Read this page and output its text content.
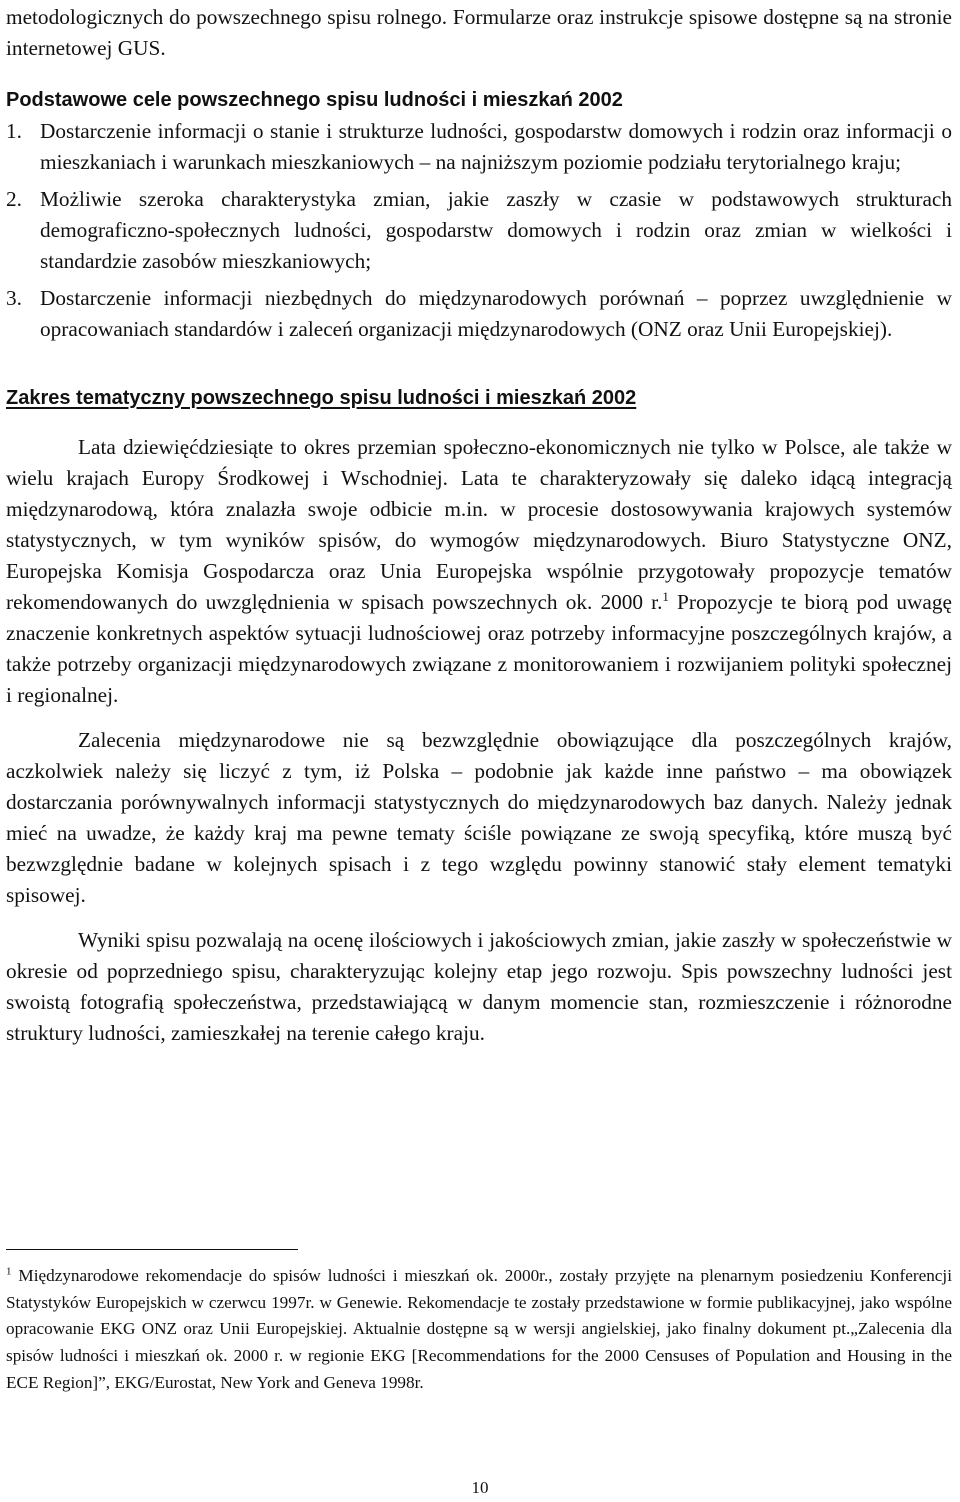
metodologicznych do powszechnego spisu rolnego. Formularze oraz instrukcje spisowe dostępne są na stronie internetowej GUS.

Podstawowe cele powszechnego spisu ludności i mieszkań 2002
1. Dostarczenie informacji o stanie i strukturze ludności, gospodarstw domowych i rodzin oraz informacji o mieszkaniach i warunkach mieszkaniowych – na najniższym poziomie podziału terytorialnego kraju;
2. Możliwie szeroka charakterystyka zmian, jakie zaszły w czasie w podstawowych strukturach demograficzno-społecznych ludności, gospodarstw domowych i rodzin oraz zmian w wielkości i standardzie zasobów mieszkaniowych;
3. Dostarczenie informacji niezbędnych do międzynarodowych porównań – poprzez uwzględnienie w opracowaniach standardów i zaleceń organizacji międzynarodowych (ONZ oraz Unii Europejskiej).
Zakres tematyczny powszechnego spisu ludności i mieszkań 2002

Lata dziewięćdziesiąte to okres przemian społeczno-ekonomicznych nie tylko w Polsce, ale także w wielu krajach Europy Środkowej i Wschodniej. Lata te charakteryzowały się daleko idącą integracją międzynarodową, która znalazła swoje odbicie m.in. w procesie dostosowywania krajowych systemów statystycznych, w tym wyników spisów, do wymogów międzynarodowych. Biuro Statystyczne ONZ, Europejska Komisja Gospodarcza oraz Unia Europejska wspólnie przygotowały propozycje tematów rekomendowanych do uwzględnienia w spisach powszechnych ok. 2000 r.$^1$ Propozycje te biorą pod uwagę znaczenie konkretnych aspektów sytuacji ludnościowej oraz potrzeby informacyjne poszczególnych krajów, a także potrzeby organizacji międzynarodowych związane z monitorowaniem i rozwijaniem polityki społecznej i regionalnej.

Zalecenia międzynarodowe nie są bezwzględnie obowiązujące dla poszczególnych krajów, aczkolwiek należy się liczyć z tym, iż Polska – podobnie jak każde inne państwo – ma obowiązek dostarczania porównywalnych informacji statystycznych do międzynarodowych baz danych. Należy jednak mieć na uwadze, że każdy kraj ma pewne tematy ściśle powiązane ze swoją specyfiką, które muszą być bezwzględnie badane w kolejnych spisach i z tego względu powinny stanowić stały element tematyki spisowej.

Wyniki spisu pozwalają na ocenę ilościowych i jakościowych zmian, jakie zaszły w społeczeństwie w okresie od poprzedniego spisu, charakteryzując kolejny etap jego rozwoju. Spis powszechny ludności jest swoistą fotografią społeczeństwa, przedstawiającą w danym momencie stan, rozmieszczenie i różnorodne struktury ludności, zamieszkałej na terenie całego kraju.

$^1$ Międzynarodowe rekomendacje do spisów ludności i mieszkań ok. 2000r., zostały przyjęte na plenarnym posiedzeniu Konferencji Statystyków Europejskich w czerwcu 1997r. w Genewie. Rekomendacje te zostały przedstawione w formie publikacyjnej, jako wspólne opracowanie EKG ONZ oraz Unii Europejskiej. Aktualnie dostępne są w wersji angielskiej, jako finalny dokument pt.„Zalecenia dla spisów ludności i mieszkań ok. 2000 r. w regionie EKG [Recommendations for the 2000 Censuses of Population and Housing in the ECE Region]”, EKG/Eurostat, New York and Geneva 1998r.

10
